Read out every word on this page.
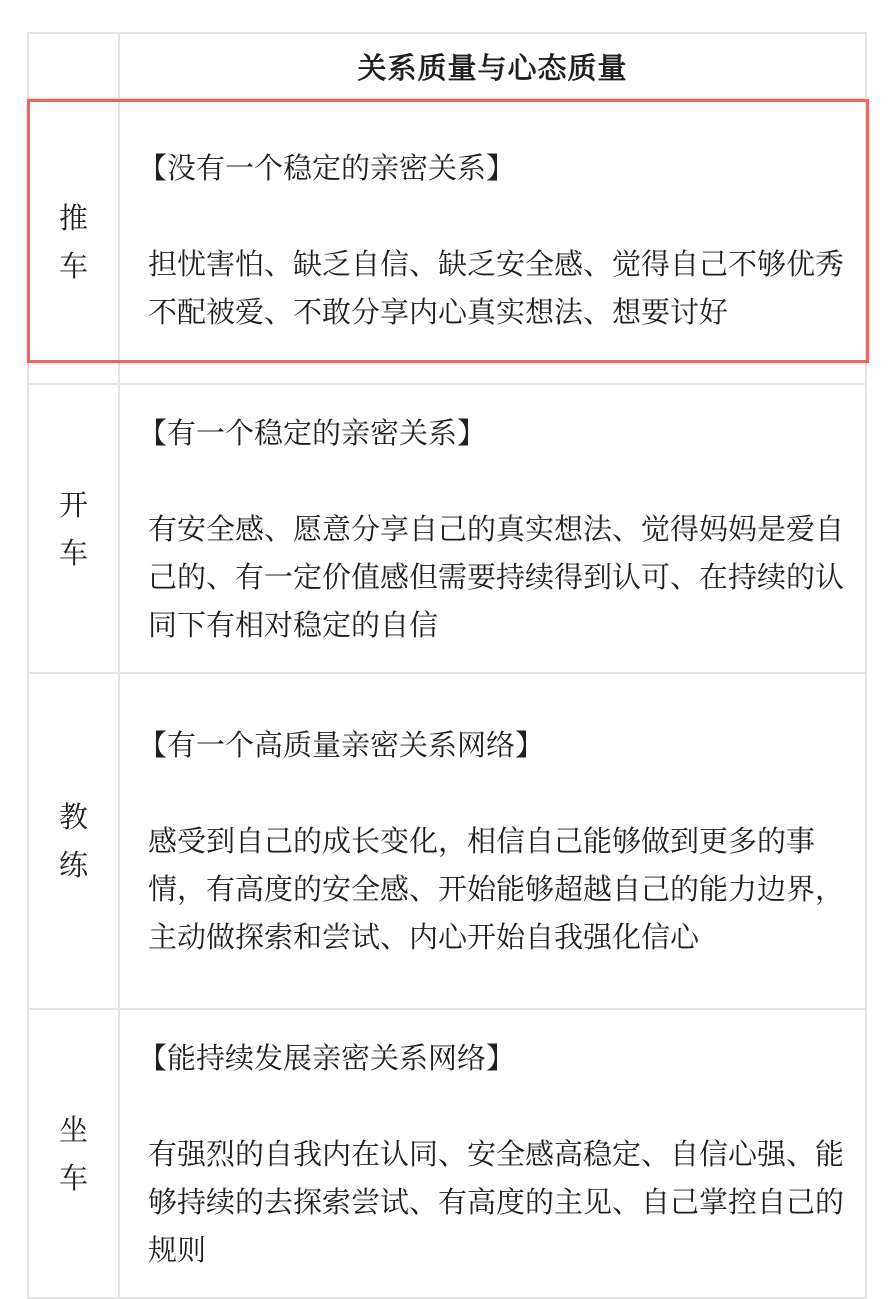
	关系质量与心态质量

推
车	【没有一个稳定的亲密关系】
担忧害怕、缺乏自信、缺乏安全感、觉得自己不够优秀不配被爱、不敢分享内心真实想法、想要讨好

开
车	【有一个稳定的亲密关系】
有安全感、愿意分享自己的真实想法、觉得妈妈是爱自己的、有一定价值感但需要持续得到认可、在持续的认同下有相对稳定的自信

教
练	【有一个高质量亲密关系网络】
感受到自己的成长变化，相信自己能够做到更多的事情，有高度的安全感、开始能够超越自己的能力边界，主动做探索和尝试、内心开始自我强化信心

坐
车	【能持续发展亲密关系网络】
有强烈的自我内在认同、安全感高稳定、自信心强、能够持续的去探索尝试、有高度的主见、自己掌控自己的规则
